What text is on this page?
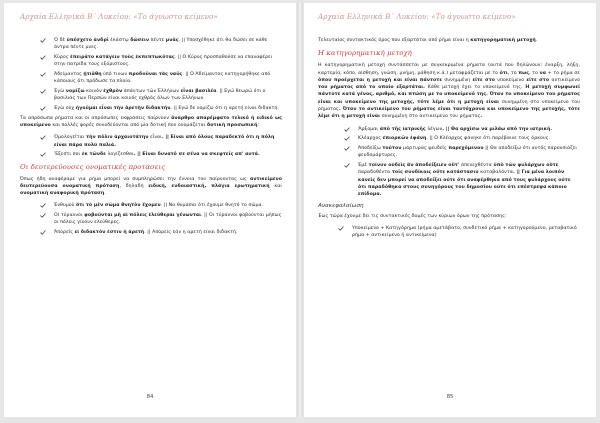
Αρχαία Ελληνικά Β΄ Λυκείου: «Το άγνωστο κείμενο»
Ὁ δὲ ὑπέσχετο ἀνδρὶ ἑκάστῳ δώσειν πέντε μνᾶς. || Υποσχέθηκε ότι θα δώσει σε κάθε άντρα πέντε μνες.
Κῦρος ἐπειρᾶτο κατάγειν τοὺς ἐκπεπτωκότας. || Ο Κύρος προσπαθούσε να επαναφέρει στην πατρίδα τους εξόριστους.
Ἀδείμαντος ᾐτιᾶθη ὑπό τινων προδοῦναι τὰς ναῦς. || Ο Αδείμαντος κατηγορήθηκε από κάποιους ότι πρόδωσε τα πλοία.
Ἐγὼ νομίζω κοινὸν ἐχθρὸν ἁπάντων τῶν Ἑλλήνων εἶναι βασιλέα. || Εγώ θεωρώ ότι ο βασιλιάς των Περσών είναι κοινός εχθρός όλων των Ελλήνων.
Ἐγὼ οὐχ ἡγοῦμαι εἶναι τὴν ἀρετὴν διδακτήν. || Εγώ δε νομίζω ότι η αρετή είναι διδακτή.

Τα απρόσωπα ρήματα και οι απρόσωπες εκφράσεις παίρνουν άναρθρο απαρέμφατο τελικό ή ειδικό ως υποκείμενο και πολλές φορές συνοδεύονται από μία δοτική που ονομάζεται δοτική προσωπική:

Ὁμολογεῖται τὴν πόλιν ἀρχαιοτάτην εἶναι. || Είναι από όλους παραδεκτό ότι η πόλη είναι πάρα πολύ παλιά.
Ἔξεστι σοι ἐκ τῶνδε λογίζεσθαι. || Είναι δυνατό σε σένα να σκεφτείς απ' αυτά.
Οι δευτερεύουσες ονοματικές προτάσεις

Όπως ήδη αναφέραμε για ρήμα μπορεί να συμπληρώσει την έννοια του παίρνοντας ως αντικείμενο δευτερεύουσα ονοματική πρόταση, δηλαδή ειδική, ενδοιαστική, πλάγια ερωτηματική και ονοματική αναφορική πρόταση.

Ἐνθυμοῦ ὅτι τὸ μὲν σῶμα θνητὸν ἔχομεν. || Να θυμάσαι ότι έχουμε θνητό το σώμα.
Οἱ τύραννοι φοβοῦνται μὴ αἱ πόλεις ἐλεύθεραι γένωνται. || Οι τύραννοι φοβούνται μήπως οι πόλεις γίνουν ελεύθερες.
Ἀπορεῖς εἰ διδακτόν ἐστιν ἡ ἀρετή. || Απορείς εάν η αρετή είναι διδακτή.
84
Αρχαία Ελληνικά Β΄ Λυκείου: «Το άγνωστο κείμενο»

Τελευταίος συντακτικός όρος που εξαρτάται από ρήμα είναι η κατηγορηματική μετοχή.

Η κατηγορηματική μετοχή

Η κατηγορηματική μετοχή συντάσσεται με συγκεκριμένα ρήματα (αυτά που δηλώνουν: έναρξη, λήξη, καρτερία, κόπο, αίσθηση, γνώση, μνήμη, μάθηση κ.ά.) μεταφράζεται με το ότι, το πως, το να + το ρήμα σε όπου προέρχεται η μετοχή και είναι πάντοτε συνημμένη είτε στο υποκείμενο είτε στο αντικείμενο του ρήματος από το οποίο εξαρτάται. Κάθε μετοχή έχει το υποκείμενό της. Η μετοχή συμφωνεί πάντοτε κατά γένος, αριθμό, και πτώση με το υποκείμενό της. Όταν το υποκείμενο του ρήματος είναι και υποκείμενο της μετοχής, τότε λέμε ότι η μετοχή είναι συνημμένη στο υποκείμενο του ρήματος. Όταν το αντικείμενο του ρήματος είναι ταυτόχρονα και υποκείμενο της μετοχής, τότε λέμε ότι η μετοχή είναι συνημμένη στο αντικείμενο του ρήματος.

Ἄρξομαι ἀπὸ τῆς ἰατρικῆς λέγων. || Θα αρχίσω να μιλάω από την ιατρική.
Κλέαρχος ἐπιορκῶν ἐφάνη. || Ο Κλέαρχος φάνηκε ότι παρέβαινε τους όρκους.
Ἀποδείξω τούτον μάρτυρας ψευδεῖς παρεχόμενον || Θα αποδείξω ότι αυτός παρουσιάζει ψευδομάρτυρες.
Ἐμὲ τοίνυν οὐδεὶς ἂν ἀποδείξειεν οὔτ' ἀπενεχθέντα ὑπὸ τῶν φυλάρχων οὔτε παραδοθέντα τοῖς συνδίκοις οὔτε κατάστασιν καταβαλόντα. || Για μένα λοιπόν κανείς δεν μπορεί να αποδείξει ούτε ότι αναφέρθηκα από τους φυλάρχους ούτε ότι παραδόθηκα στους συνηγόρους του δημοσίου ούτε ότι επέστρεψα κάποιο επίδομα.
Ανακεφαλαίωση

Έως τώρα έχουμε δει τις συντακτικές δομές των κύριων όρων της πρότασης:

Υποκείμενο + Κατηγόρημα (ρήμα αμετάβατο, συνδετικό ρήμα + κατηγορούμενο, μεταβατικό ρήμα + αντικείμενο ή αντικείμενα)
85
